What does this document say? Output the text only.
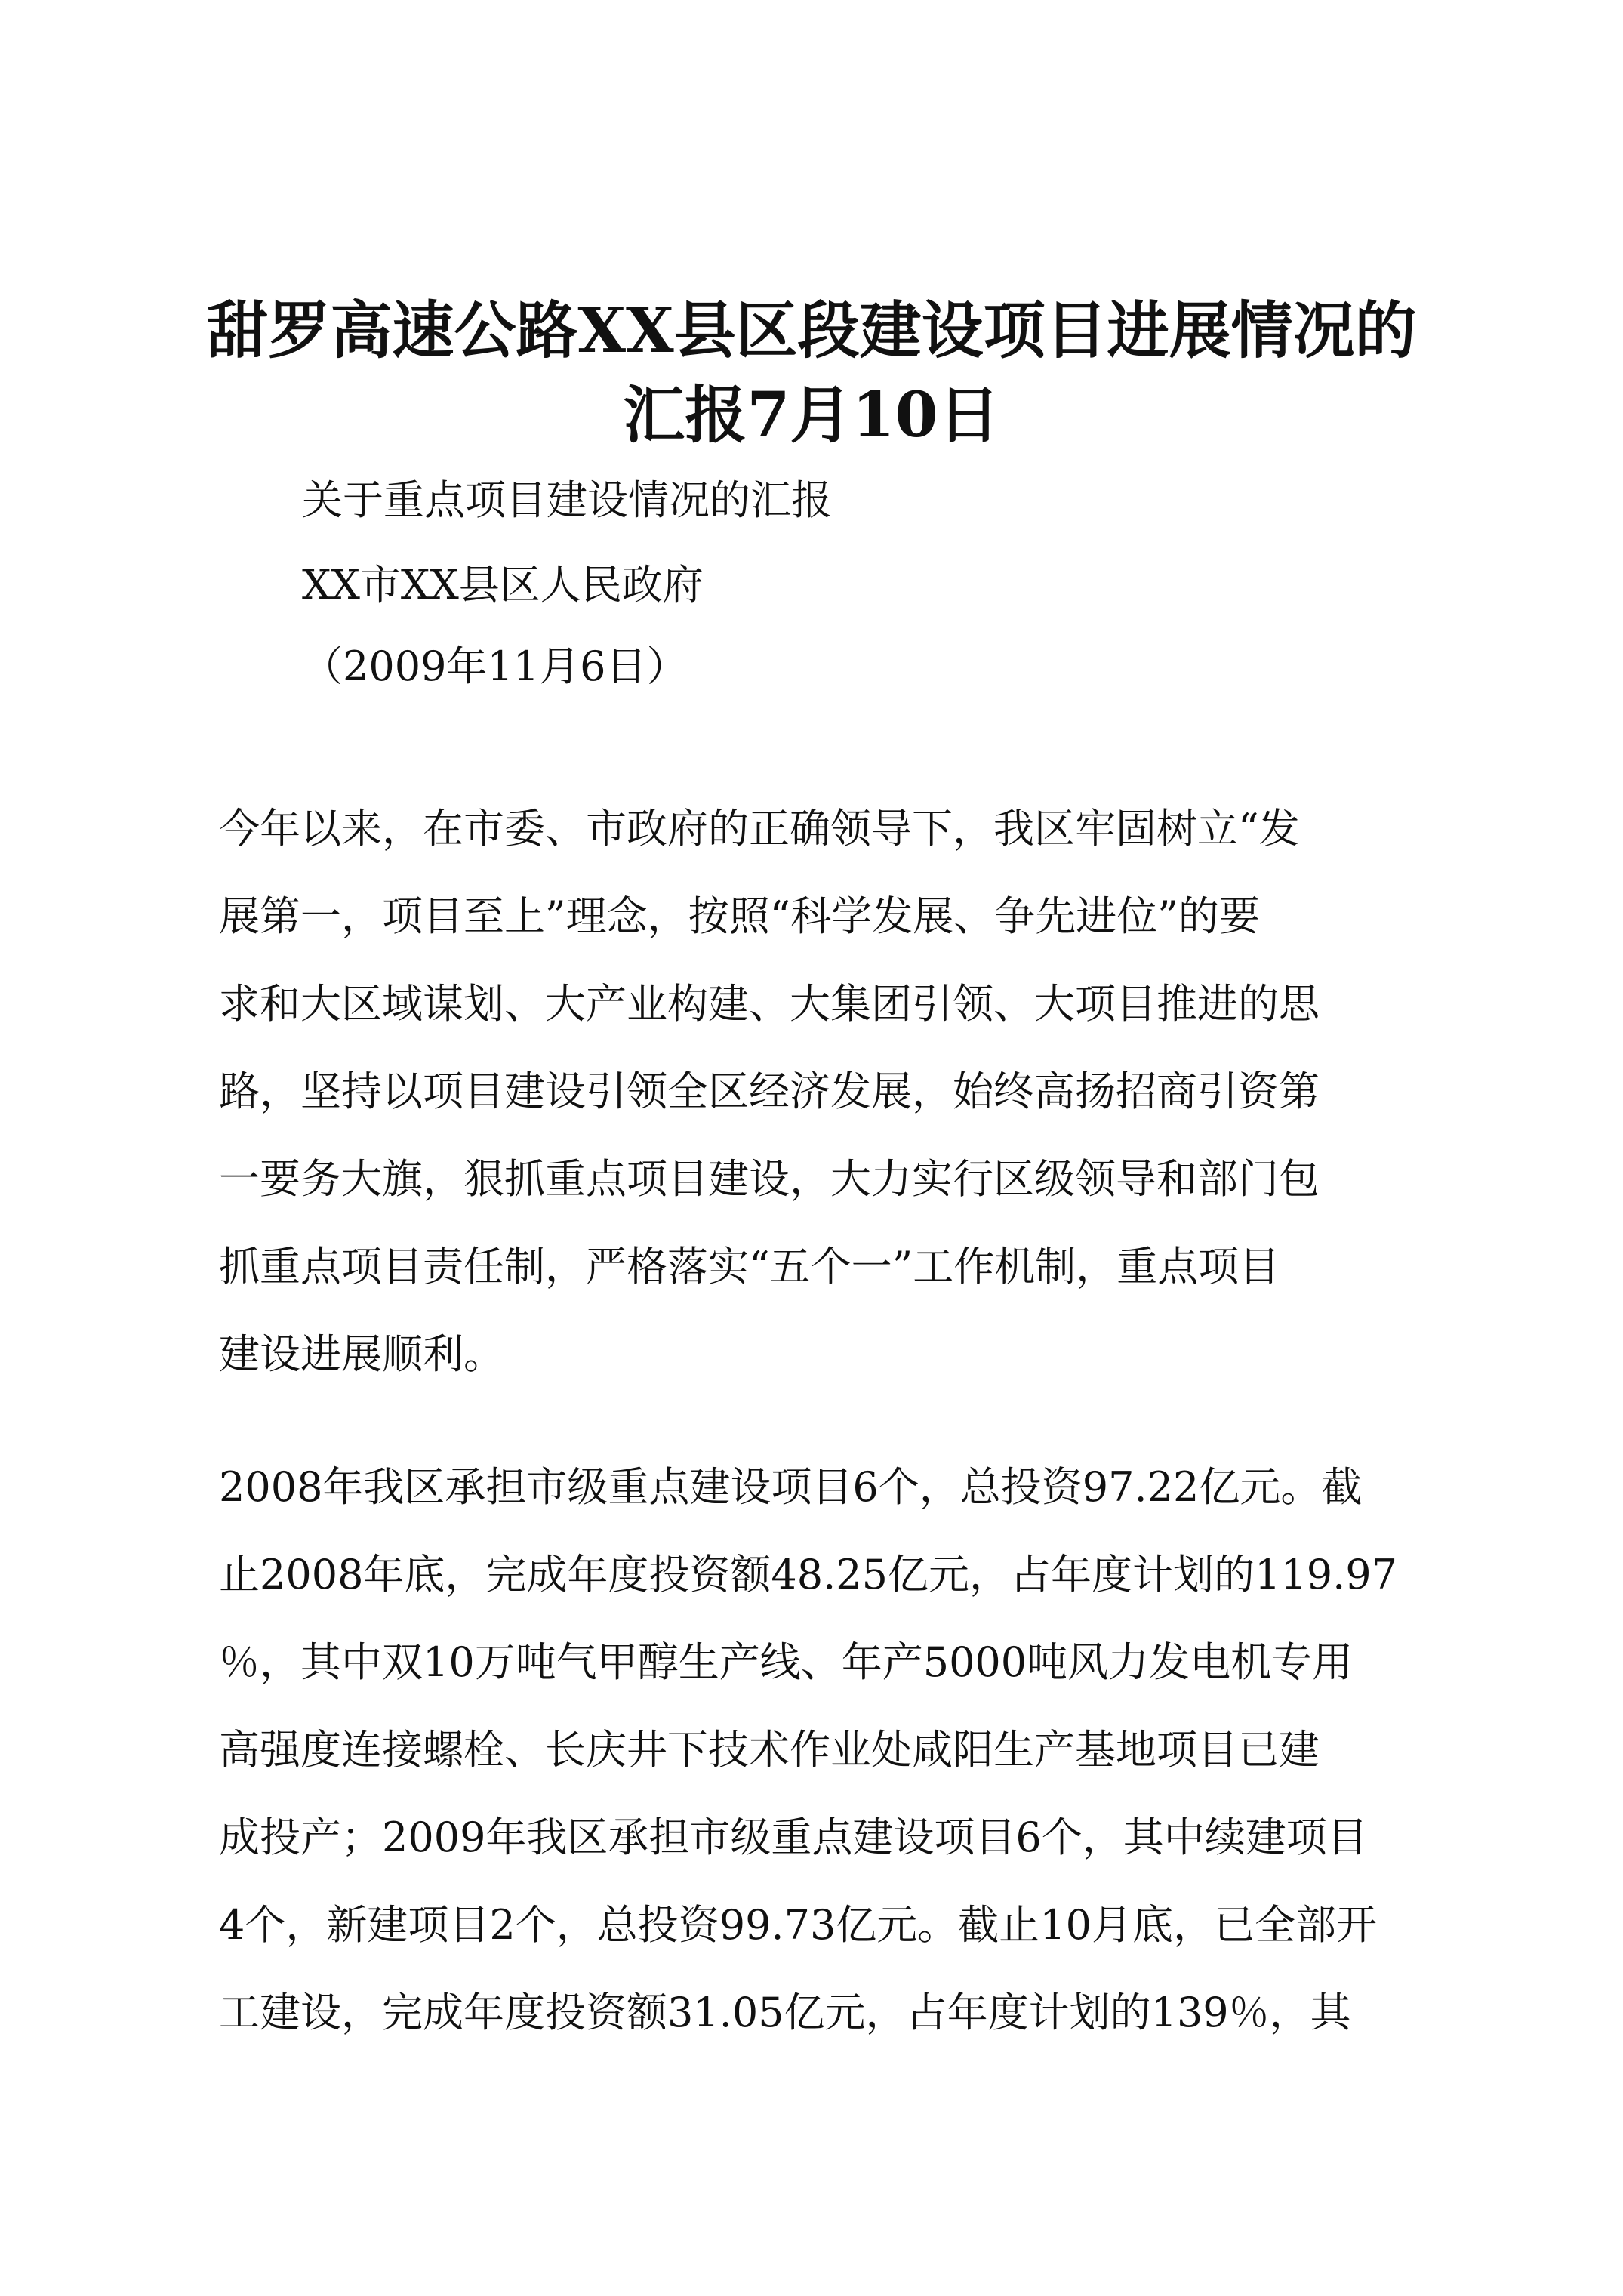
甜罗高速公路XX县区段建设项目进展情况的
汇报7月10日
关于重点项目建设情况的汇报
XX市XX县区人民政府
（2009年11月6日）
今年以来，在市委、市政府的正确领导下，我区牢固树立“发
展第一，项目至上”理念，按照“科学发展、争先进位”的要
求和大区域谋划、大产业构建、大集团引领、大项目推进的思
路，坚持以项目建设引领全区经济发展，始终高扬招商引资第
一要务大旗，狠抓重点项目建设，大力实行区级领导和部门包
抓重点项目责任制，严格落实“五个一”工作机制，重点项目
建设进展顺利。
2008年我区承担市级重点建设项目6个，总投资97.22亿元。截
止2008年底，完成年度投资额48.25亿元，占年度计划的119.97
％，其中双10万吨气甲醇生产线、年产5000吨风力发电机专用
高强度连接螺栓、长庆井下技术作业处咸阳生产基地项目已建
成投产；2009年我区承担市级重点建设项目6个，其中续建项目
4个，新建项目2个，总投资99.73亿元。截止10月底，已全部开
工建设，完成年度投资额31.05亿元，占年度计划的139％，其
